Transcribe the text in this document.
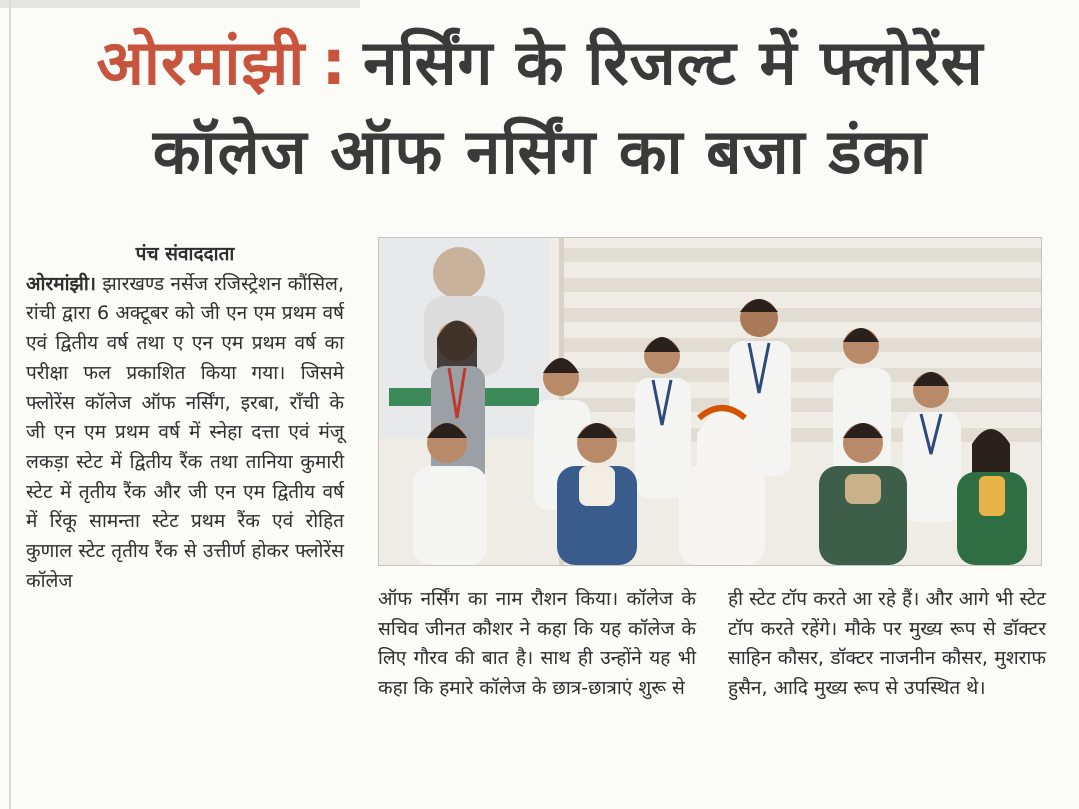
ओरमांझी : नर्सिंग के रिजल्ट में फ्लोरेंस
कॉलेज ऑफ नर्सिंग का बजा डंका
पंच संवाददाता
ओरमांझी। झारखण्ड नर्सेज रजिस्ट्रेशन कौंसिल, रांची द्वारा 6 अक्टूबर को जी एन एम प्रथम वर्ष एवं द्वितीय वर्ष तथा ए एन एम प्रथम वर्ष का परीक्षा फल प्रकाशित किया गया। जिसमे फ्लोरेंस कॉलेज ऑफ नर्सिंग, इरबा, राँची के जी एन एम प्रथम वर्ष में स्नेहा दत्ता एवं मंजू लकड़ा स्टेट में द्वितीय रैंक तथा तानिया कुमारी स्टेट में तृतीय रैंक और जी एन एम द्वितीय वर्ष में रिंकू सामन्ता स्टेट प्रथम रैंक एवं रोहित कुणाल स्टेट तृतीय रैंक से उत्तीर्ण होकर फ्लोरेंस कॉलेज
ऑफ नर्सिंग का नाम रौशन किया। कॉलेज के सचिव जीनत कौशर ने कहा कि यह कॉलेज के लिए गौरव की बात है। साथ ही उन्होंने यह भी कहा कि हमारे कॉलेज के छात्र-छात्राएं शुरू से
ही स्टेट टॉप करते आ रहे हैं। और आगे भी स्टेट टॉप करते रहेंगे। मौके पर मुख्य रूप से डॉक्टर साहिन कौसर, डॉक्टर नाजनीन कौसर, मुशराफ हुसैन, आदि मुख्य रूप से उपस्थित थे।
